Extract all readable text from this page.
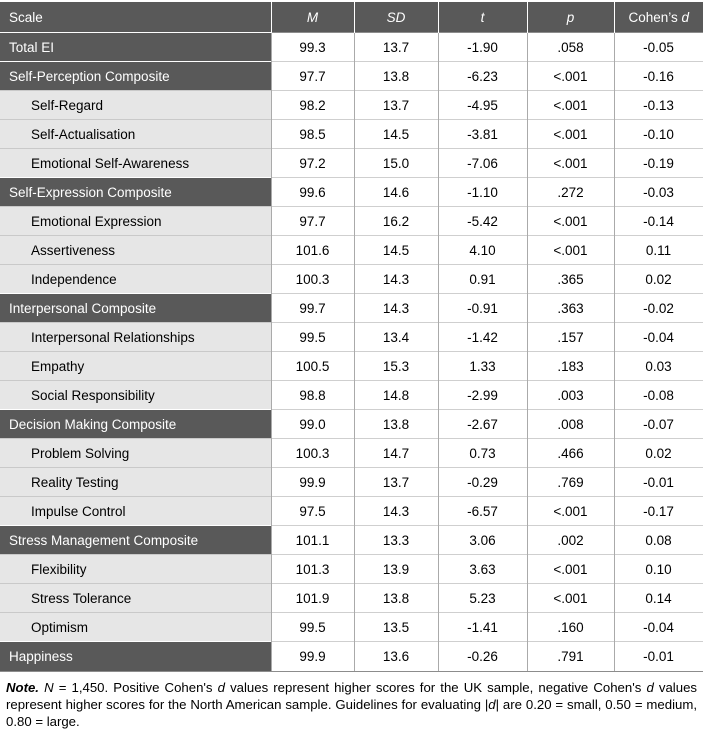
Scale	M	SD	t	p	Cohen’s d
Total EI	99.3	13.7	-1.90	.058	-0.05
Self-Perception Composite	97.7	13.8	-6.23	<.001	-0.16
Self-Regard	98.2	13.7	-4.95	<.001	-0.13
Self-Actualisation	98.5	14.5	-3.81	<.001	-0.10
Emotional Self-Awareness	97.2	15.0	-7.06	<.001	-0.19
Self-Expression Composite	99.6	14.6	-1.10	.272	-0.03
Emotional Expression	97.7	16.2	-5.42	<.001	-0.14
Assertiveness	101.6	14.5	4.10	<.001	0.11
Independence	100.3	14.3	0.91	.365	0.02
Interpersonal Composite	99.7	14.3	-0.91	.363	-0.02
Interpersonal Relationships	99.5	13.4	-1.42	.157	-0.04
Empathy	100.5	15.3	1.33	.183	0.03
Social Responsibility	98.8	14.8	-2.99	.003	-0.08
Decision Making Composite	99.0	13.8	-2.67	.008	-0.07
Problem Solving	100.3	14.7	0.73	.466	0.02
Reality Testing	99.9	13.7	-0.29	.769	-0.01
Impulse Control	97.5	14.3	-6.57	<.001	-0.17
Stress Management Composite	101.1	13.3	3.06	.002	0.08
Flexibility	101.3	13.9	3.63	<.001	0.10
Stress Tolerance	101.9	13.8	5.23	<.001	0.14
Optimism	99.5	13.5	-1.41	.160	-0.04
Happiness	99.9	13.6	-0.26	.791	-0.01
Note. N = 1,450. Positive Cohen's d values represent higher scores for the UK sample, negative Cohen's d values represent higher scores for the North American sample. Guidelines for evaluating |d| are 0.20 = small, 0.50 = medium, 0.80 = large.
